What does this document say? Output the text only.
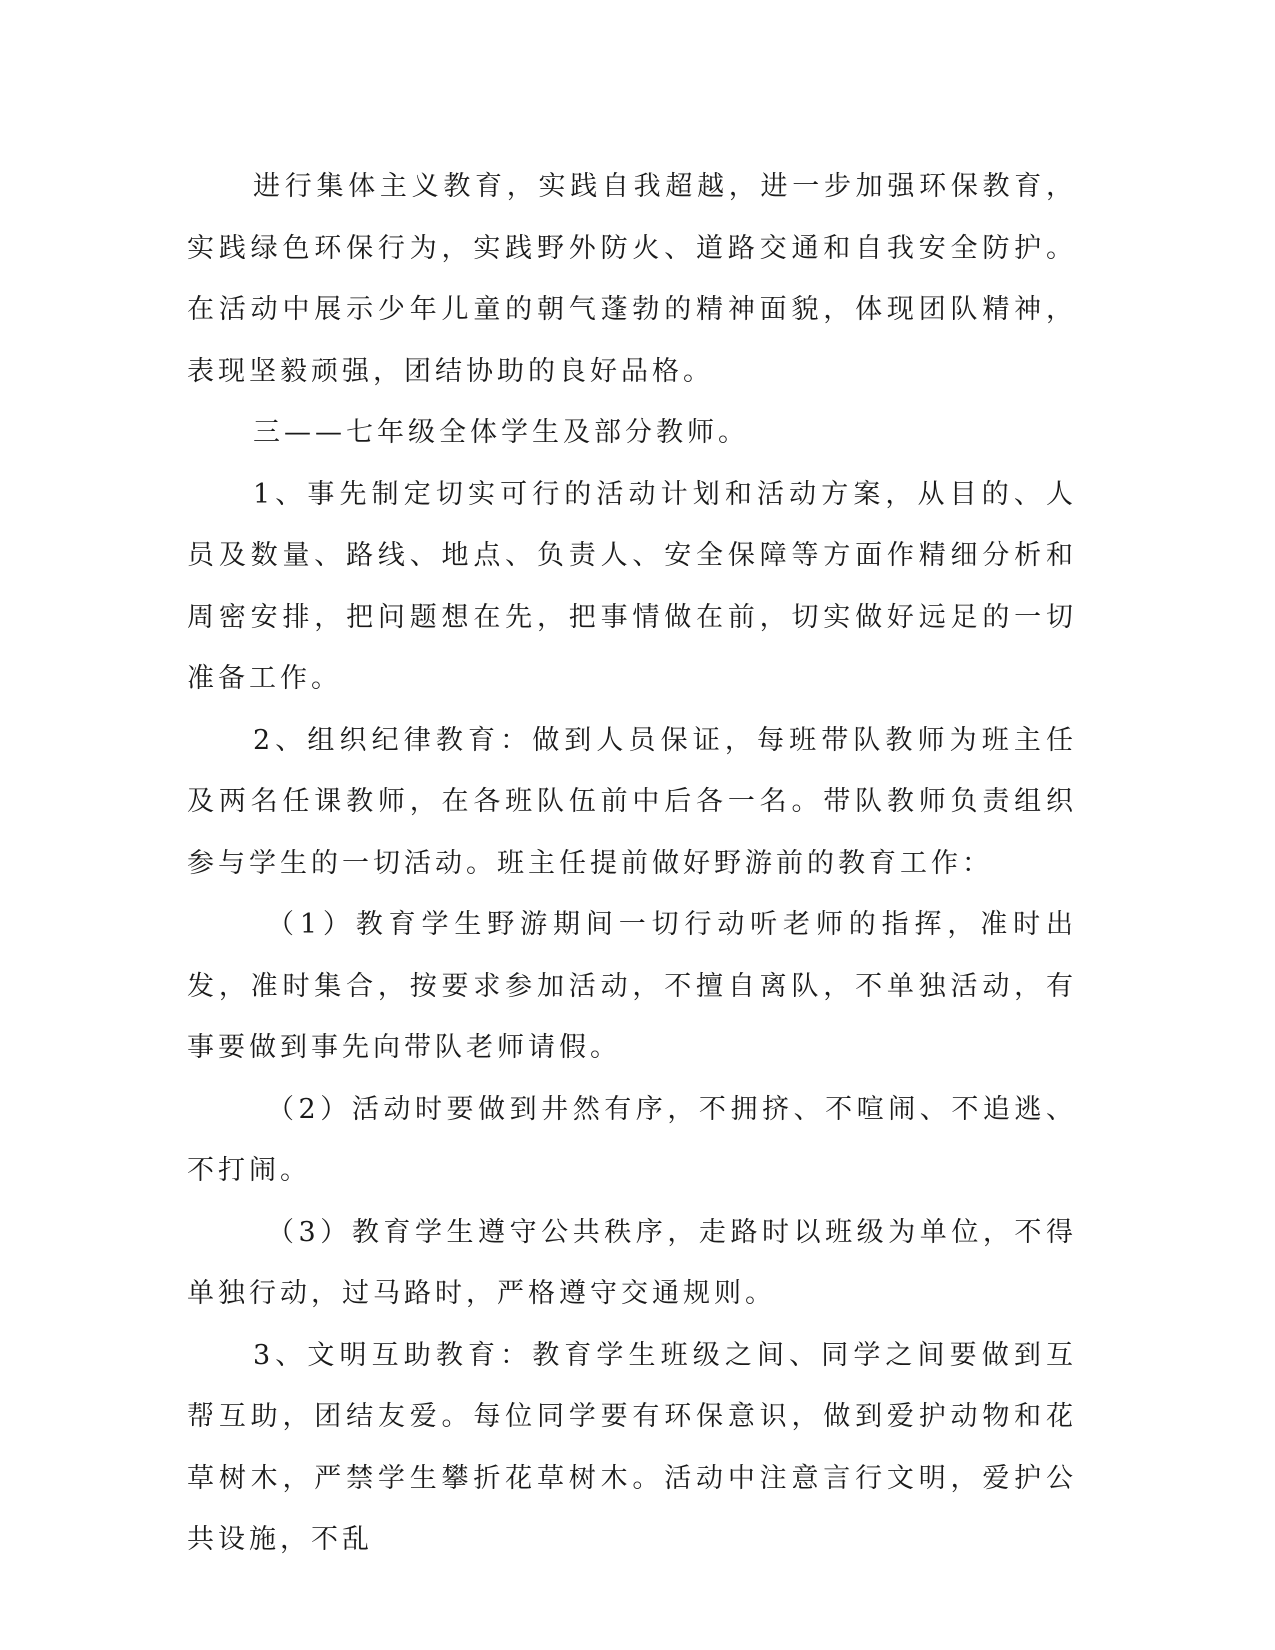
进行集体主义教育，实践自我超越，进一步加强环保教育，实践绿色环保行为，实践野外防火、道路交通和自我安全防护。在活动中展示少年儿童的朝气蓬勃的精神面貌，体现团队精神，表现坚毅顽强，团结协助的良好品格。

三——七年级全体学生及部分教师。

1、事先制定切实可行的活动计划和活动方案，从目的、人员及数量、路线、地点、负责人、安全保障等方面作精细分析和周密安排，把问题想在先，把事情做在前，切实做好远足的一切准备工作。

2、组织纪律教育：做到人员保证，每班带队教师为班主任及两名任课教师，在各班队伍前中后各一名。带队教师负责组织参与学生的一切活动。班主任提前做好野游前的教育工作：

（1）教育学生野游期间一切行动听老师的指挥，准时出发，准时集合，按要求参加活动，不擅自离队，不单独活动，有事要做到事先向带队老师请假。

（2）活动时要做到井然有序，不拥挤、不喧闹、不追逃、不打闹。

（3）教育学生遵守公共秩序，走路时以班级为单位，不得单独行动，过马路时，严格遵守交通规则。

3、文明互助教育：教育学生班级之间、同学之间要做到互帮互助，团结友爱。每位同学要有环保意识，做到爱护动物和花草树木，严禁学生攀折花草树木。活动中注意言行文明，爱护公共设施，不乱
